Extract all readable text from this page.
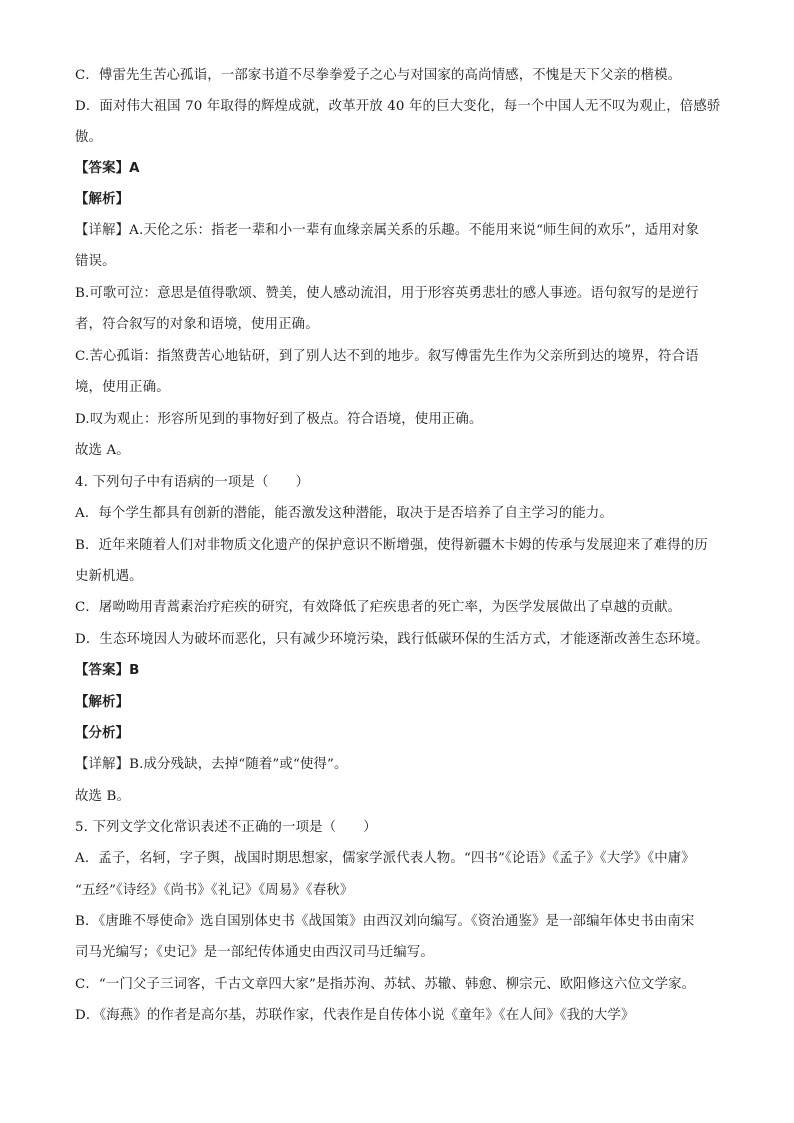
C．傅雷先生苦心孤诣，一部家书道不尽拳拳爱子之心与对国家的高尚情感，不愧是天下父亲的楷模。
D．面对伟大祖国 70 年取得的辉煌成就，改革开放 40 年的巨大变化，每一个中国人无不叹为观止，倍感骄
傲。
【答案】A
【解析】
【详解】A.天伦之乐：指老一辈和小一辈有血缘亲属关系的乐趣。不能用来说“师生间的欢乐”，适用对象
错误。
B.可歌可泣：意思是值得歌颂、赞美，使人感动流泪，用于形容英勇悲壮的感人事迹。语句叙写的是逆行
者，符合叙写的对象和语境，使用正确。
C.苦心孤诣：指煞费苦心地钻研，到了别人达不到的地步。叙写傅雷先生作为父亲所到达的境界，符合语
境，使用正确。
D.叹为观止：形容所见到的事物好到了极点。符合语境，使用正确。
故选 A。
4. 下列句子中有语病的一项是（　　）
A．每个学生都具有创新的潜能，能否激发这种潜能，取决于是否培养了自主学习的能力。
B．近年来随着人们对非物质文化遗产的保护意识不断增强，使得新疆木卡姆的传承与发展迎来了难得的历
史新机遇。
C．屠呦呦用青蒿素治疗疟疾的研究，有效降低了疟疾患者的死亡率，为医学发展做出了卓越的贡献。
D．生态环境因人为破坏而恶化，只有减少环境污染，践行低碳环保的生活方式，才能逐渐改善生态环境。
【答案】B
【解析】
【分析】
【详解】B.成分残缺，去掉“随着”或“使得”。
故选 B。
5. 下列文学文化常识表述不正确的一项是（　　）
A．孟子，名轲，字子舆，战国时期思想家，儒家学派代表人物。“四书”《论语》《孟子》《大学》《中庸》
“五经”《诗经》《尚书》《礼记》《周易》《春秋》
B．《唐雎不辱使命》选自国别体史书《战国策》由西汉刘向编写。《资治通鉴》是一部编年体史书由南宋
司马光编写；《史记》是一部纪传体通史由西汉司马迁编写。
C．“一门父子三词客，千古文章四大家”是指苏洵、苏轼、苏辙、韩愈、柳宗元、欧阳修这六位文学家。
D．《海燕》的作者是高尔基，苏联作家，代表作是自传体小说《童年》《在人间》《我的大学》
